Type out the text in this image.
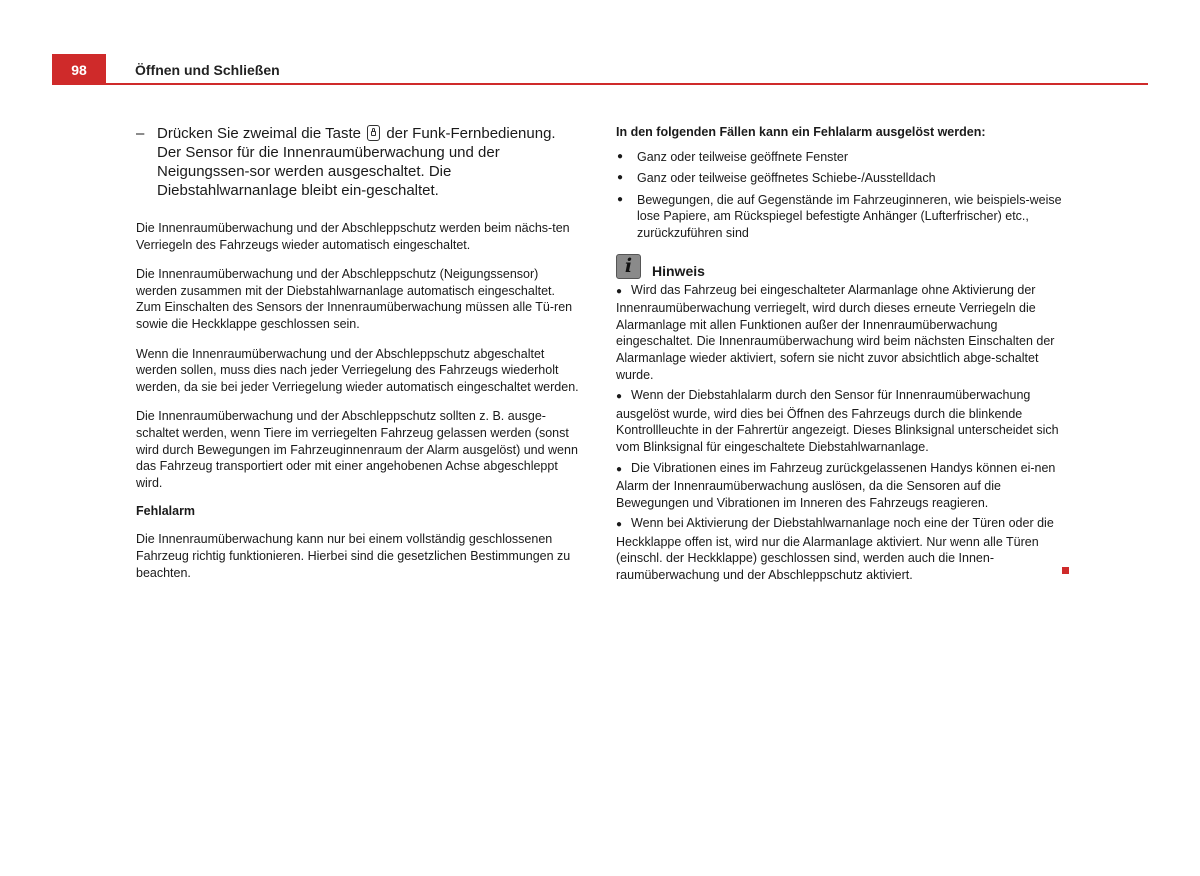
98	Öffnen und Schließen
– Drücken Sie zweimal die Taste der Funk-Fernbedienung. Der Sensor für die Innenraumüberwachung und der Neigungssen-sor werden ausgeschaltet. Die Diebstahlwarnanlage bleibt ein-geschaltet.

Die Innenraumüberwachung und der Abschleppschutz werden beim nächs-ten Verriegeln des Fahrzeugs wieder automatisch eingeschaltet.

Die Innenraumüberwachung und der Abschleppschutz (Neigungssensor) werden zusammen mit der Diebstahlwarnanlage automatisch eingeschaltet. Zum Einschalten des Sensors der Innenraumüberwachung müssen alle Tü-ren sowie die Heckklappe geschlossen sein.

Wenn die Innenraumüberwachung und der Abschleppschutz abgeschaltet werden sollen, muss dies nach jeder Verriegelung des Fahrzeugs wiederholt werden, da sie bei jeder Verriegelung wieder automatisch eingeschaltet werden.

Die Innenraumüberwachung und der Abschleppschutz sollten z. B. ausge-schaltet werden, wenn Tiere im verriegelten Fahrzeug gelassen werden (sonst wird durch Bewegungen im Fahrzeuginnenraum der Alarm ausgelöst) und wenn das Fahrzeug transportiert oder mit einer angehobenen Achse abgeschleppt wird.

Fehlalarm

Die Innenraumüberwachung kann nur bei einem vollständig geschlossenen Fahrzeug richtig funktionieren. Hierbei sind die gesetzlichen Bestimmungen zu beachten.

In den folgenden Fällen kann ein Fehlalarm ausgelöst werden:
●	Ganz oder teilweise geöffnete Fenster
●	Ganz oder teilweise geöffnetes Schiebe-/Ausstelldach
●	Bewegungen, die auf Gegenstände im Fahrzeuginneren, wie beispiels-weise lose Papiere, am Rückspiegel befestigte Anhänger (Lufterfrischer) etc., zurückzuführen sind
i	Hinweis
● Wird das Fahrzeug bei eingeschalteter Alarmanlage ohne Aktivierung der Innenraumüberwachung verriegelt, wird durch dieses erneute Verriegeln die Alarmanlage mit allen Funktionen außer der Innenraumüberwachung eingeschaltet. Die Innenraumüberwachung wird beim nächsten Einschalten der Alarmanlage wieder aktiviert, sofern sie nicht zuvor absichtlich abge-schaltet wurde.
● Wenn der Diebstahlalarm durch den Sensor für Innenraumüberwachung ausgelöst wurde, wird dies bei Öffnen des Fahrzeugs durch die blinkende Kontrollleuchte in der Fahrertür angezeigt. Dieses Blinksignal unterscheidet sich vom Blinksignal für eingeschaltete Diebstahlwarnanlage.
● Die Vibrationen eines im Fahrzeug zurückgelassenen Handys können ei-nen Alarm der Innenraumüberwachung auslösen, da die Sensoren auf die Bewegungen und Vibrationen im Inneren des Fahrzeugs reagieren.
● Wenn bei Aktivierung der Diebstahlwarnanlage noch eine der Türen oder die Heckklappe offen ist, wird nur die Alarmanlage aktiviert. Nur wenn alle Türen (einschl. der Heckklappe) geschlossen sind, werden auch die Innen-raumüberwachung und der Abschleppschutz aktiviert.
